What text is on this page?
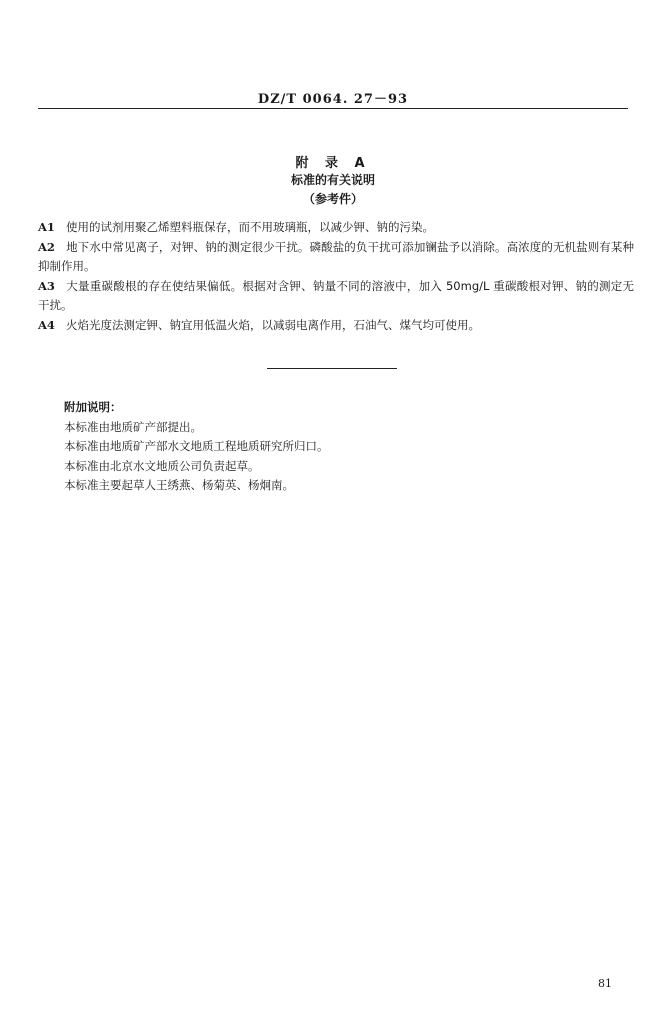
DZ/T 0064. 27－93
附 录 A
标准的有关说明
（参考件）

A1 使用的试剂用聚乙烯塑料瓶保存，而不用玻璃瓶，以减少钾、钠的污染。

A2 地下水中常见离子，对钾、钠的测定很少干扰。磷酸盐的负干扰可添加镧盐予以消除。高浓度的无机盐则有某种抑制作用。

A3 大量重碳酸根的存在使结果偏低。根据对含钾、钠量不同的溶液中，加入 50mg/L 重碳酸根对钾、钠的测定无干扰。

A4 火焰光度法测定钾、钠宜用低温火焰，以减弱电离作用，石油气、煤气均可使用。

附加说明：

本标准由地质矿产部提出。

本标准由地质矿产部水文地质工程地质研究所归口。

本标准由北京水文地质公司负责起草。

本标准主要起草人王绣燕、杨菊英、杨炯南。

81
